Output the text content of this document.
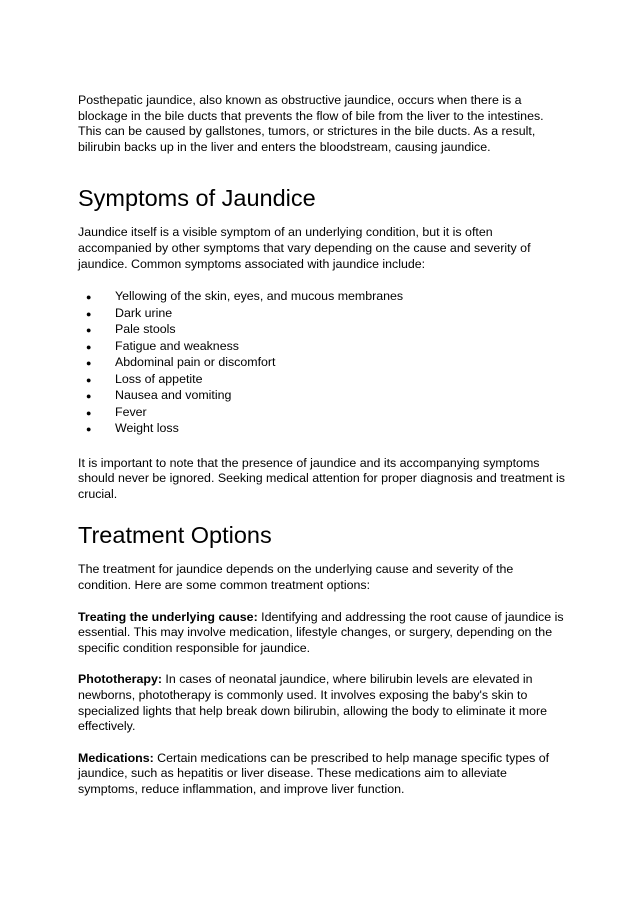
Posthepatic jaundice, also known as obstructive jaundice, occurs when there is a blockage in the bile ducts that prevents the flow of bile from the liver to the intestines. This can be caused by gallstones, tumors, or strictures in the bile ducts. As a result, bilirubin backs up in the liver and enters the bloodstream, causing jaundice.

Symptoms of Jaundice

Jaundice itself is a visible symptom of an underlying condition, but it is often accompanied by other symptoms that vary depending on the cause and severity of jaundice. Common symptoms associated with jaundice include:

●	Yellowing of the skin, eyes, and mucous membranes
●	Dark urine
●	Pale stools
●	Fatigue and weakness
●	Abdominal pain or discomfort
●	Loss of appetite
●	Nausea and vomiting
●	Fever
●	Weight loss

It is important to note that the presence of jaundice and its accompanying symptoms should never be ignored. Seeking medical attention for proper diagnosis and treatment is crucial.

Treatment Options

The treatment for jaundice depends on the underlying cause and severity of the condition. Here are some common treatment options:

Treating the underlying cause: Identifying and addressing the root cause of jaundice is essential. This may involve medication, lifestyle changes, or surgery, depending on the specific condition responsible for jaundice.

Phototherapy: In cases of neonatal jaundice, where bilirubin levels are elevated in newborns, phototherapy is commonly used. It involves exposing the baby's skin to specialized lights that help break down bilirubin, allowing the body to eliminate it more effectively.

Medications: Certain medications can be prescribed to help manage specific types of jaundice, such as hepatitis or liver disease. These medications aim to alleviate symptoms, reduce inflammation, and improve liver function.
